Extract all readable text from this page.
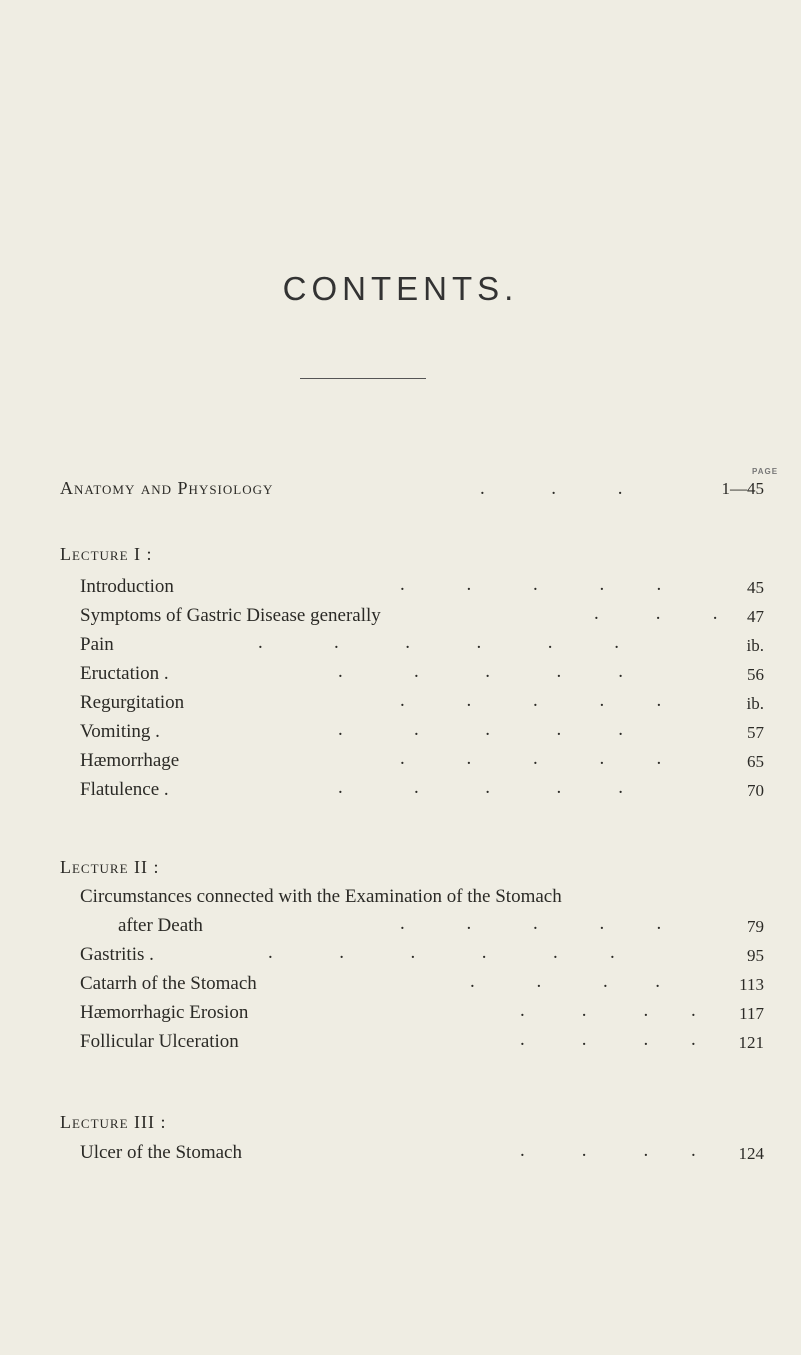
CONTENTS.
PAGE
Anatomy and Physiology	.              .             .	1—45
Lecture I :
Introduction	.             .             .             .           .	45
Symptoms of Gastric Disease generally	.            .           .	47
Pain	.               .              .              .              .             .	ib.
Eructation .	.               .              .              .            .	56
Regurgitation	.             .             .             .           .	ib.
Vomiting .	.               .              .              .            .	57
Hæmorrhage	.             .             .             .           .	65
Flatulence .	.               .              .              .            .	70
Lecture II :
Circumstances connected with the Examination of the Stomach
after Death	.             .             .             .           .	79
Gastritis .	.              .              .              .              .           .	95
Catarrh of the Stomach	.             .             .          .	113
Hæmorrhagic Erosion	.            .            .         .	117
Follicular Ulceration	.            .            .         .	121
Lecture III :
Ulcer of the Stomach	.            .            .         .	124
